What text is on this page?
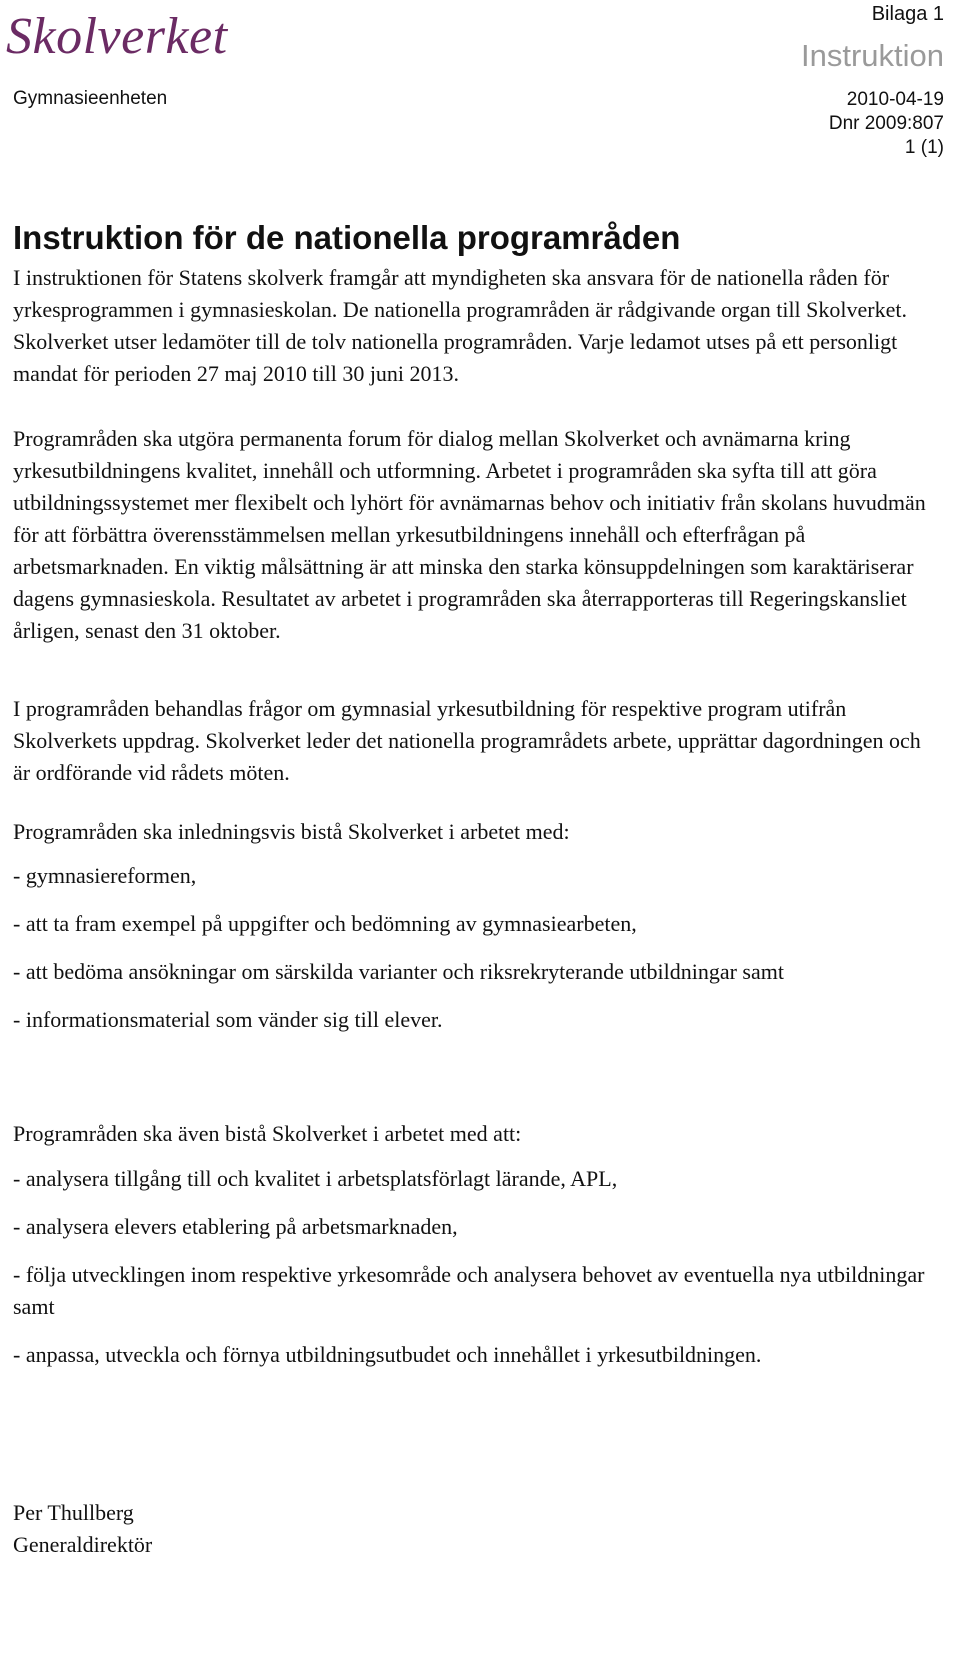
Skolverket	Bilaga 1
Instruktion
Gymnasieenheten	2010-04-19
Dnr 2009:807
1 (1)
Instruktion för de nationella programråden

I instruktionen för Statens skolverk framgår att myndigheten ska ansvara för de nationella råden för yrkesprogrammen i gymnasieskolan. De nationella programråden är rådgivande organ till Skolverket. Skolverket utser ledamöter till de tolv nationella programråden. Varje ledamot utses på ett personligt mandat för perioden 27 maj 2010 till 30 juni 2013.

Programråden ska utgöra permanenta forum för dialog mellan Skolverket och avnämarna kring yrkesutbildningens kvalitet, innehåll och utformning. Arbetet i programråden ska syfta till att göra utbildningssystemet mer flexibelt och lyhört för avnämarnas behov och initiativ från skolans huvudmän för att förbättra överensstämmelsen mellan yrkesutbildningens innehåll och efterfrågan på arbetsmarknaden. En viktig målsättning är att minska den starka könsuppdelningen som karaktäriserar dagens gymnasieskola. Resultatet av arbetet i programråden ska återrapporteras till Regeringskansliet årligen, senast den 31 oktober.

I programråden behandlas frågor om gymnasial yrkesutbildning för respektive program utifrån Skolverkets uppdrag. Skolverket leder det nationella programrådets arbete, upprättar dagordningen och är ordförande vid rådets möten.

Programråden ska inledningsvis bistå Skolverket i arbetet med:

- gymnasiereformen,
- att ta fram exempel på uppgifter och bedömning av gymnasiearbeten,
- att bedöma ansökningar om särskilda varianter och riksrekryterande utbildningar samt
- informationsmaterial som vänder sig till elever.

Programråden ska även bistå Skolverket i arbetet med att:

- analysera tillgång till och kvalitet i arbetsplatsförlagt lärande, APL,
- analysera elevers etablering på arbetsmarknaden,
- följa utvecklingen inom respektive yrkesområde och analysera behovet av eventuella nya utbildningar samt
- anpassa, utveckla och förnya utbildningsutbudet och innehållet i yrkesutbildningen.
Per Thullberg
Generaldirektör
